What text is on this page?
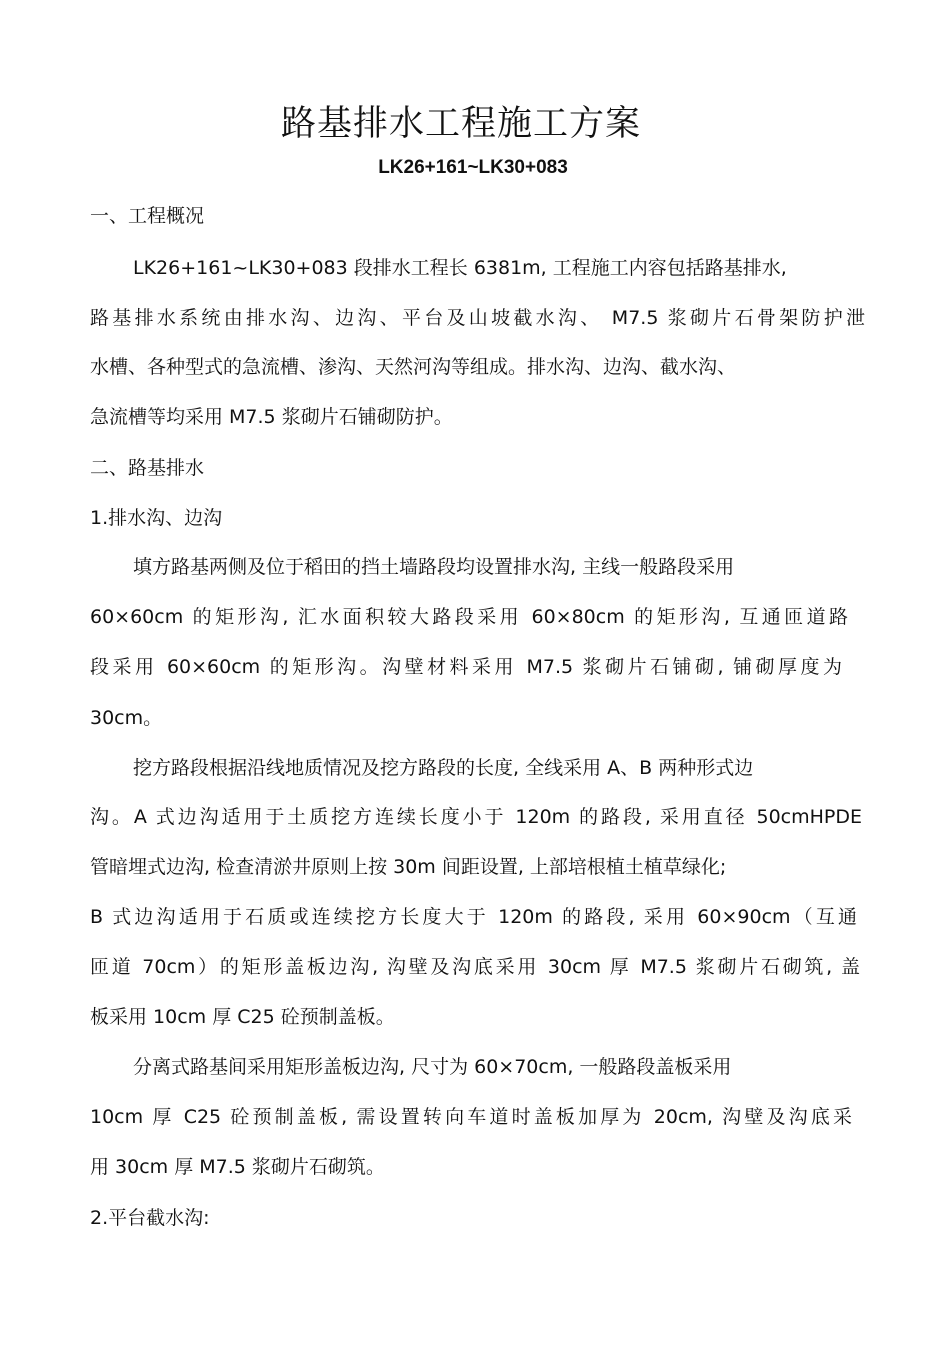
路基排水工程施工方案
LK26+161~LK30+083
一、工程概况
LK26+161~LK30+083 段排水工程长 6381m, 工程施工内容包括路基排水,
路基排水系统由排水沟、边沟、平台及山坡截水沟、 M7.5 浆砌片石骨架防护泄
水槽、各种型式的急流槽、渗沟、天然河沟等组成。排水沟、边沟、截水沟、
急流槽等均采用 M7.5 浆砌片石铺砌防护。
二、路基排水
1.排水沟、边沟
填方路基两侧及位于稻田的挡土墙路段均设置排水沟, 主线一般路段采用
60×60cm 的矩形沟, 汇水面积较大路段采用 60×80cm 的矩形沟, 互通匝道路
段采用 60×60cm 的矩形沟。沟壁材料采用 M7.5 浆砌片石铺砌, 铺砌厚度为
30cm。
挖方路段根据沿线地质情况及挖方路段的长度, 全线采用 A、B 两种形式边
沟。A 式边沟适用于土质挖方连续长度小于 120m 的路段, 采用直径 50cmHPDE
管暗埋式边沟, 检查清淤井原则上按 30m 间距设置, 上部培根植土植草绿化;
B 式边沟适用于石质或连续挖方长度大于 120m 的路段, 采用 60×90cm（互通
匝道 70cm）的矩形盖板边沟, 沟壁及沟底采用 30cm 厚 M7.5 浆砌片石砌筑, 盖
板采用 10cm 厚 C25 砼预制盖板。
分离式路基间采用矩形盖板边沟, 尺寸为 60×70cm, 一般路段盖板采用
10cm 厚 C25 砼预制盖板, 需设置转向车道时盖板加厚为 20cm, 沟壁及沟底采
用 30cm 厚 M7.5 浆砌片石砌筑。
2.平台截水沟:
